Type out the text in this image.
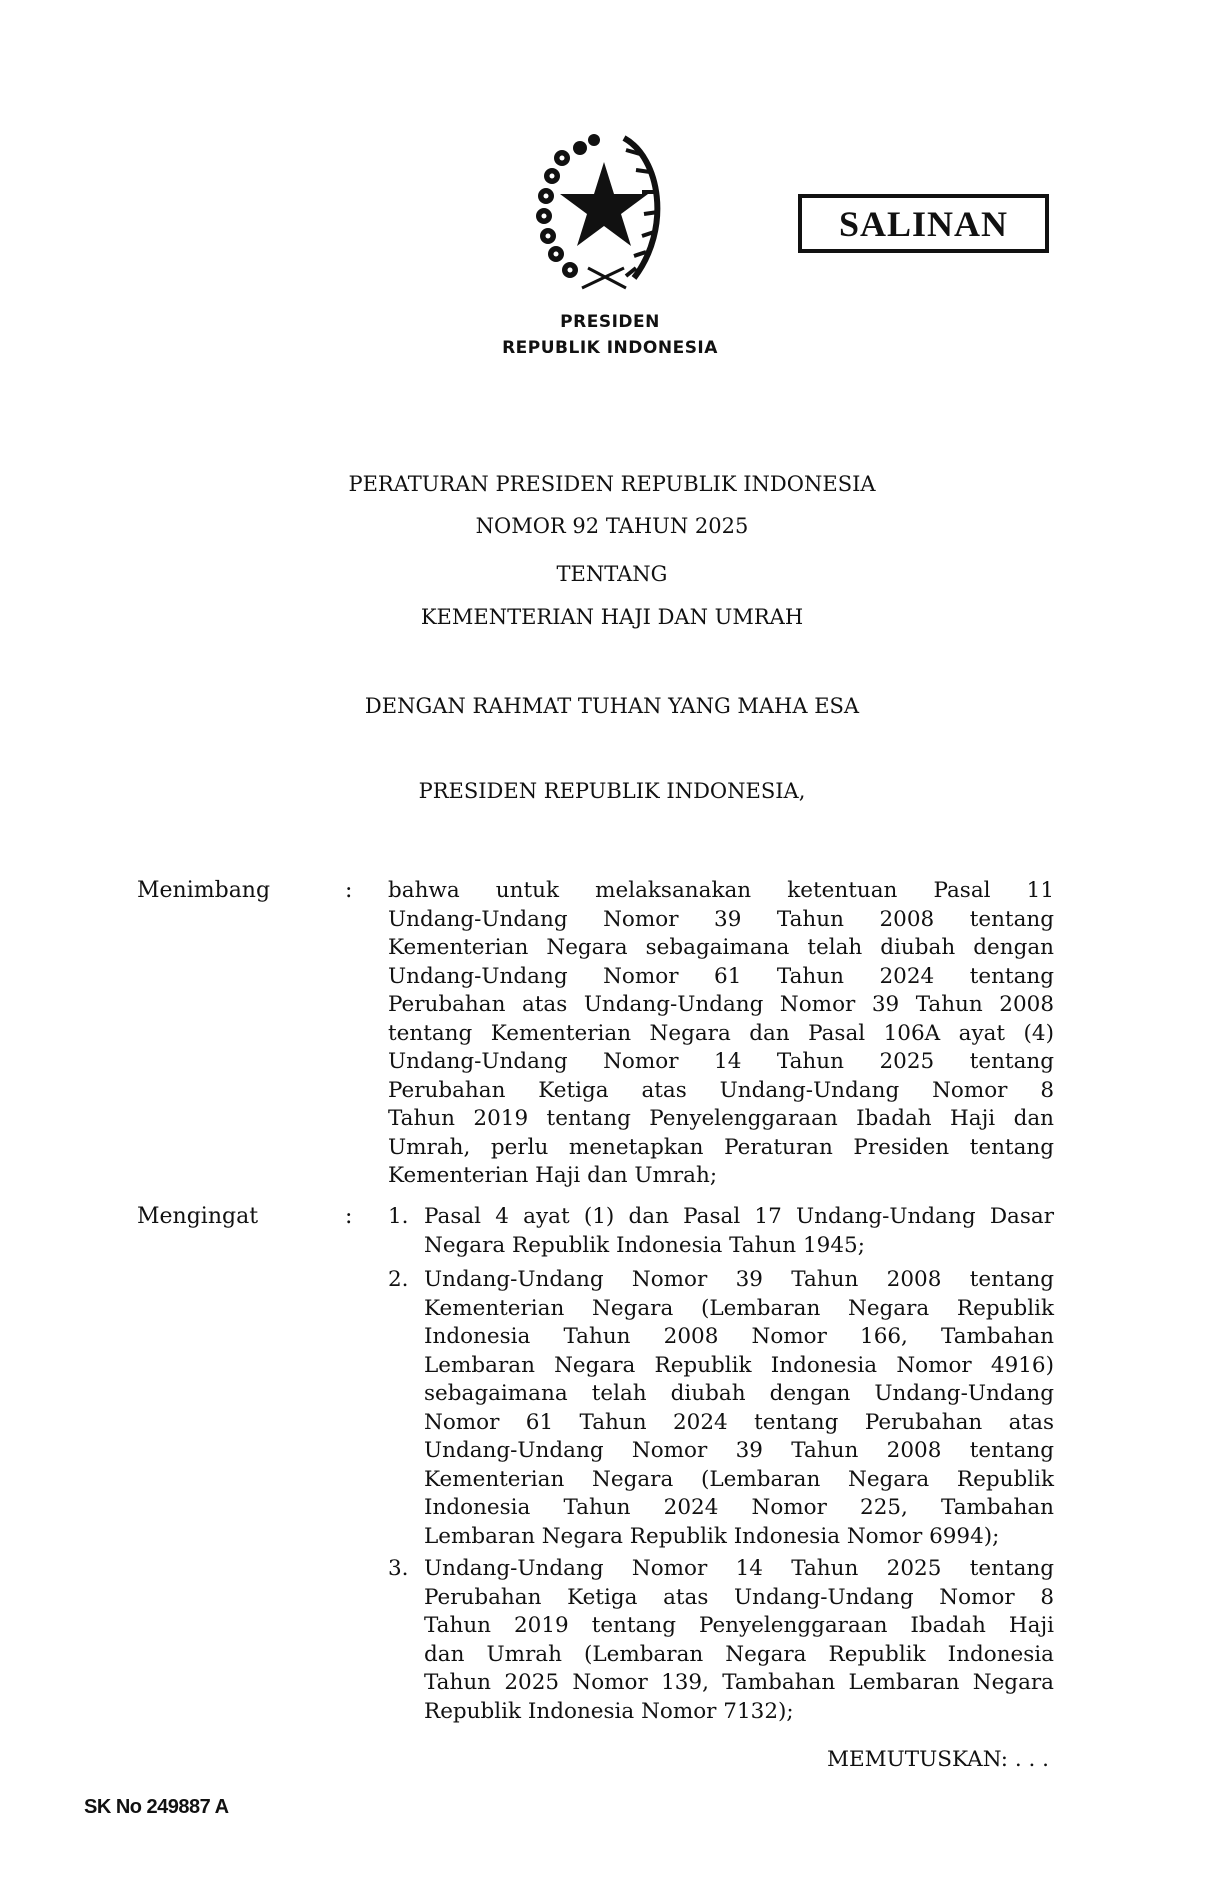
SALINAN
PRESIDEN
REPUBLIK INDONESIA
PERATURAN PRESIDEN REPUBLIK INDONESIA
NOMOR 92 TAHUN 2025
TENTANG
KEMENTERIAN HAJI DAN UMRAH
DENGAN RAHMAT TUHAN YANG MAHA ESA
PRESIDEN REPUBLIK INDONESIA,
Menimbang	: bahwa untuk melaksanakan ketentuan Pasal 11
Undang-Undang Nomor 39 Tahun 2008 tentang
Kementerian Negara sebagaimana telah diubah dengan
Undang-Undang Nomor 61 Tahun 2024 tentang
Perubahan atas Undang-Undang Nomor 39 Tahun 2008
tentang Kementerian Negara dan Pasal 106A ayat (4)
Undang-Undang Nomor 14 Tahun 2025 tentang
Perubahan Ketiga atas Undang-Undang Nomor 8
Tahun 2019 tentang Penyelenggaraan Ibadah Haji dan
Umrah, perlu menetapkan Peraturan Presiden tentang
Kementerian Haji dan Umrah;
Mengingat	: 1. Pasal 4 ayat (1) dan Pasal 17 Undang-Undang Dasar
Negara Republik Indonesia Tahun 1945;
2. Undang-Undang Nomor 39 Tahun 2008 tentang
Kementerian Negara (Lembaran Negara Republik
Indonesia Tahun 2008 Nomor 166, Tambahan
Lembaran Negara Republik Indonesia Nomor 4916)
sebagaimana telah diubah dengan Undang-Undang
Nomor 61 Tahun 2024 tentang Perubahan atas
Undang-Undang Nomor 39 Tahun 2008 tentang
Kementerian Negara (Lembaran Negara Republik
Indonesia Tahun 2024 Nomor 225, Tambahan
Lembaran Negara Republik Indonesia Nomor 6994);
3. Undang-Undang Nomor 14 Tahun 2025 tentang
Perubahan Ketiga atas Undang-Undang Nomor 8
Tahun 2019 tentang Penyelenggaraan Ibadah Haji
dan Umrah (Lembaran Negara Republik Indonesia
Tahun 2025 Nomor 139, Tambahan Lembaran Negara
Republik Indonesia Nomor 7132);
MEMUTUSKAN: . . .
SK No 249887 A
